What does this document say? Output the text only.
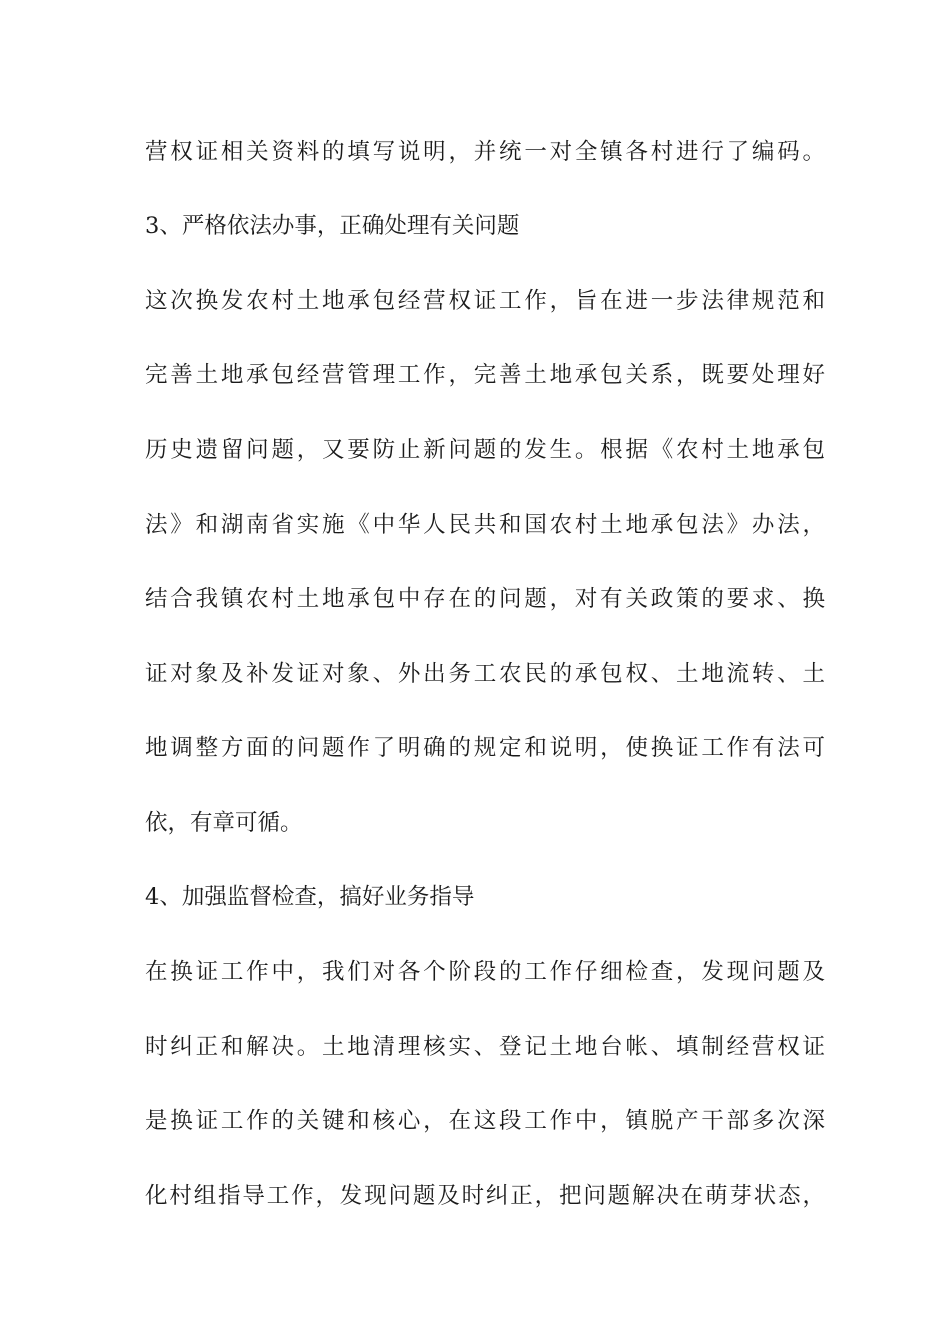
营权证相关资料的填写说明，并统一对全镇各村进行了编码。
3、严格依法办事，正确处理有关问题
这次换发农村土地承包经营权证工作，旨在进一步法律规范和
完善土地承包经营管理工作，完善土地承包关系，既要处理好
历史遗留问题，又要防止新问题的发生。根据《农村土地承包
法》和湖南省实施《中华人民共和国农村土地承包法》办法，
结合我镇农村土地承包中存在的问题，对有关政策的要求、换
证对象及补发证对象、外出务工农民的承包权、土地流转、土
地调整方面的问题作了明确的规定和说明，使换证工作有法可
依，有章可循。
4、加强监督检查，搞好业务指导
在换证工作中，我们对各个阶段的工作仔细检查，发现问题及
时纠正和解决。土地清理核实、登记土地台帐、填制经营权证
是换证工作的关键和核心，在这段工作中，镇脱产干部多次深
化村组指导工作，发现问题及时纠正，把问题解决在萌芽状态，
